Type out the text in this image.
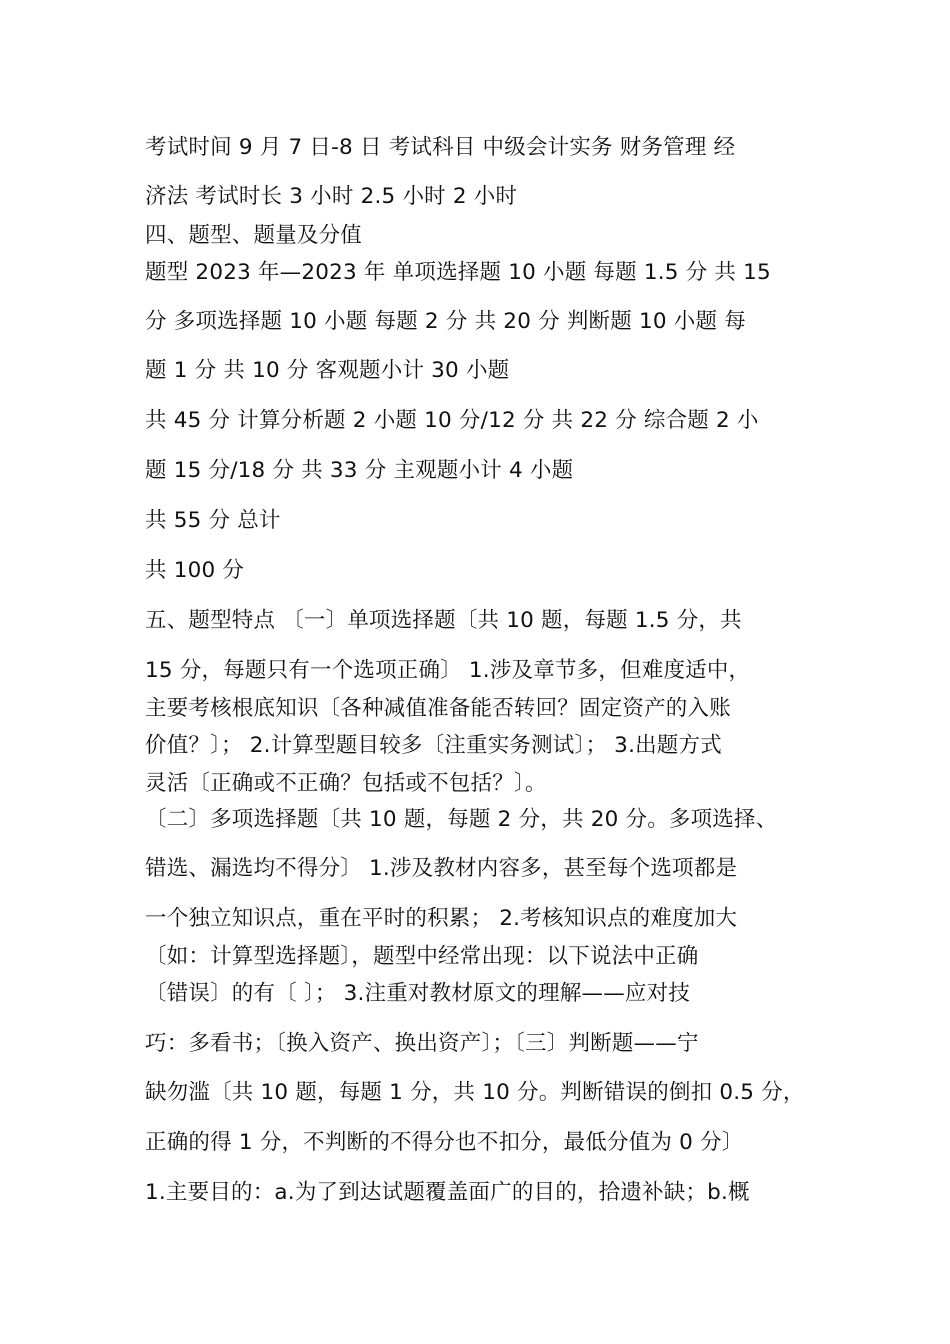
考试时间 9 月 7 日-8 日 考试科目 中级会计实务 财务管理 经
济法 考试时长 3 小时 2.5 小时 2 小时
四、题型、题量及分值
题型 2023 年—2023 年 单项选择题 10 小题 每题 1.5 分 共 15
分 多项选择题 10 小题 每题 2 分 共 20 分 判断题 10 小题 每
题 1 分 共 10 分 客观题小计 30 小题
共 45 分 计算分析题 2 小题 10 分/12 分 共 22 分 综合题 2 小
题 15 分/18 分 共 33 分 主观题小计 4 小题
共 55 分 总计
共 100 分
五、题型特点 〔一〕单项选择题〔共 10 题，每题 1.5 分，共
15 分，每题只有一个选项正确〕 1.涉及章节多，但难度适中，
主要考核根底知识〔各种减值准备能否转回？固定资产的入账
价值？〕； 2.计算型题目较多〔注重实务测试〕； 3.出题方式
灵活〔正确或不正确？包括或不包括？〕。
〔二〕多项选择题〔共 10 题，每题 2 分，共 20 分。多项选择、
错选、漏选均不得分〕 1.涉及教材内容多，甚至每个选项都是
一个独立知识点，重在平时的积累； 2.考核知识点的难度加大
〔如：计算型选择题〕，题型中经常出现：以下说法中正确
〔错误〕的有〔 〕； 3.注重对教材原文的理解——应对技
巧：多看书；〔换入资产、换出资产〕；〔三〕判断题——宁
缺勿滥〔共 10 题，每题 1 分，共 10 分。判断错误的倒扣 0.5 分，
正确的得 1 分，不判断的不得分也不扣分，最低分值为 0 分〕
1.主要目的：a.为了到达试题覆盖面广的目的，拾遗补缺；b.概
